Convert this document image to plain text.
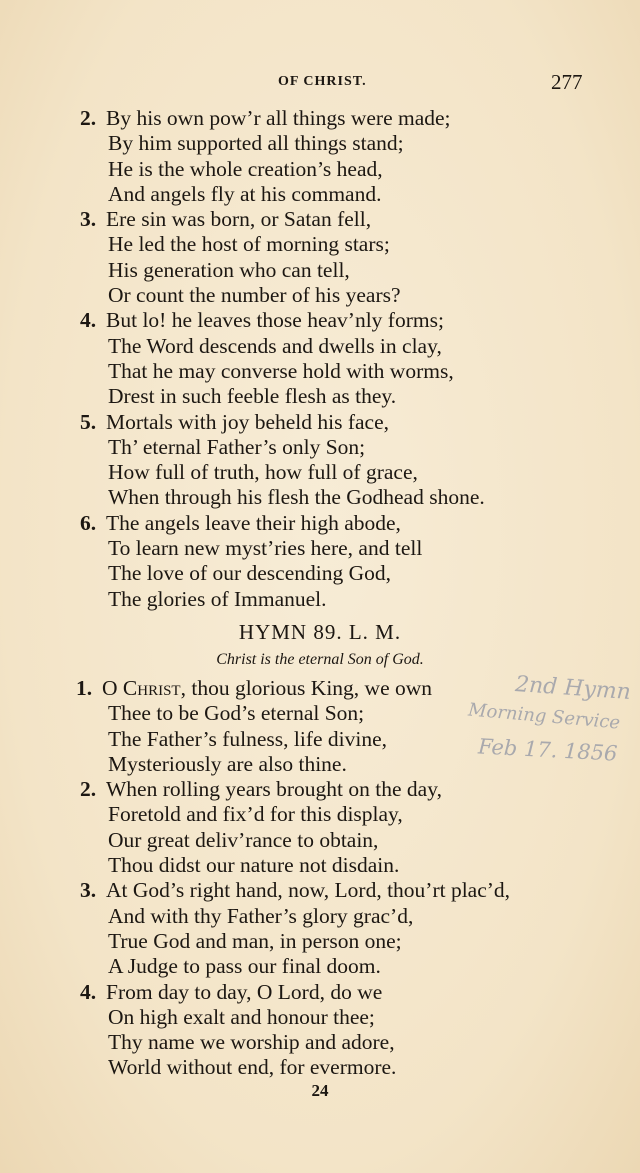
OF CHRIST.	277
2. By his own pow’r all things were made;
By him supported all things stand;
He is the whole creation’s head,
And angels fly at his command.
3. Ere sin was born, or Satan fell,
He led the host of morning stars;
His generation who can tell,
Or count the number of his years?
4. But lo! he leaves those heav’nly forms;
The Word descends and dwells in clay,
That he may converse hold with worms,
Drest in such feeble flesh as they.
5. Mortals with joy beheld his face,
Th’ eternal Father’s only Son;
How full of truth, how full of grace,
When through his flesh the Godhead shone.
6. The angels leave their high abode,
To learn new myst’ries here, and tell
The love of our descending God,
The glories of Immanuel.
HYMN 89. L. M.
Christ is the eternal Son of God.
1. O Christ, thou glorious King, we own
Thee to be God’s eternal Son;
The Father’s fulness, life divine,
Mysteriously are also thine.
2. When rolling years brought on the day,
Foretold and fix’d for this display,
Our great deliv’rance to obtain,
Thou didst our nature not disdain.
3. At God’s right hand, now, Lord, thou’rt plac’d,
And with thy Father’s glory grac’d,
True God and man, in person one;
A Judge to pass our final doom.
4. From day to day, O Lord, do we
On high exalt and honour thee;
Thy name we worship and adore,
World without end, for evermore.
2nd Hymn
Morning Service
Feb 17. 1856
24
